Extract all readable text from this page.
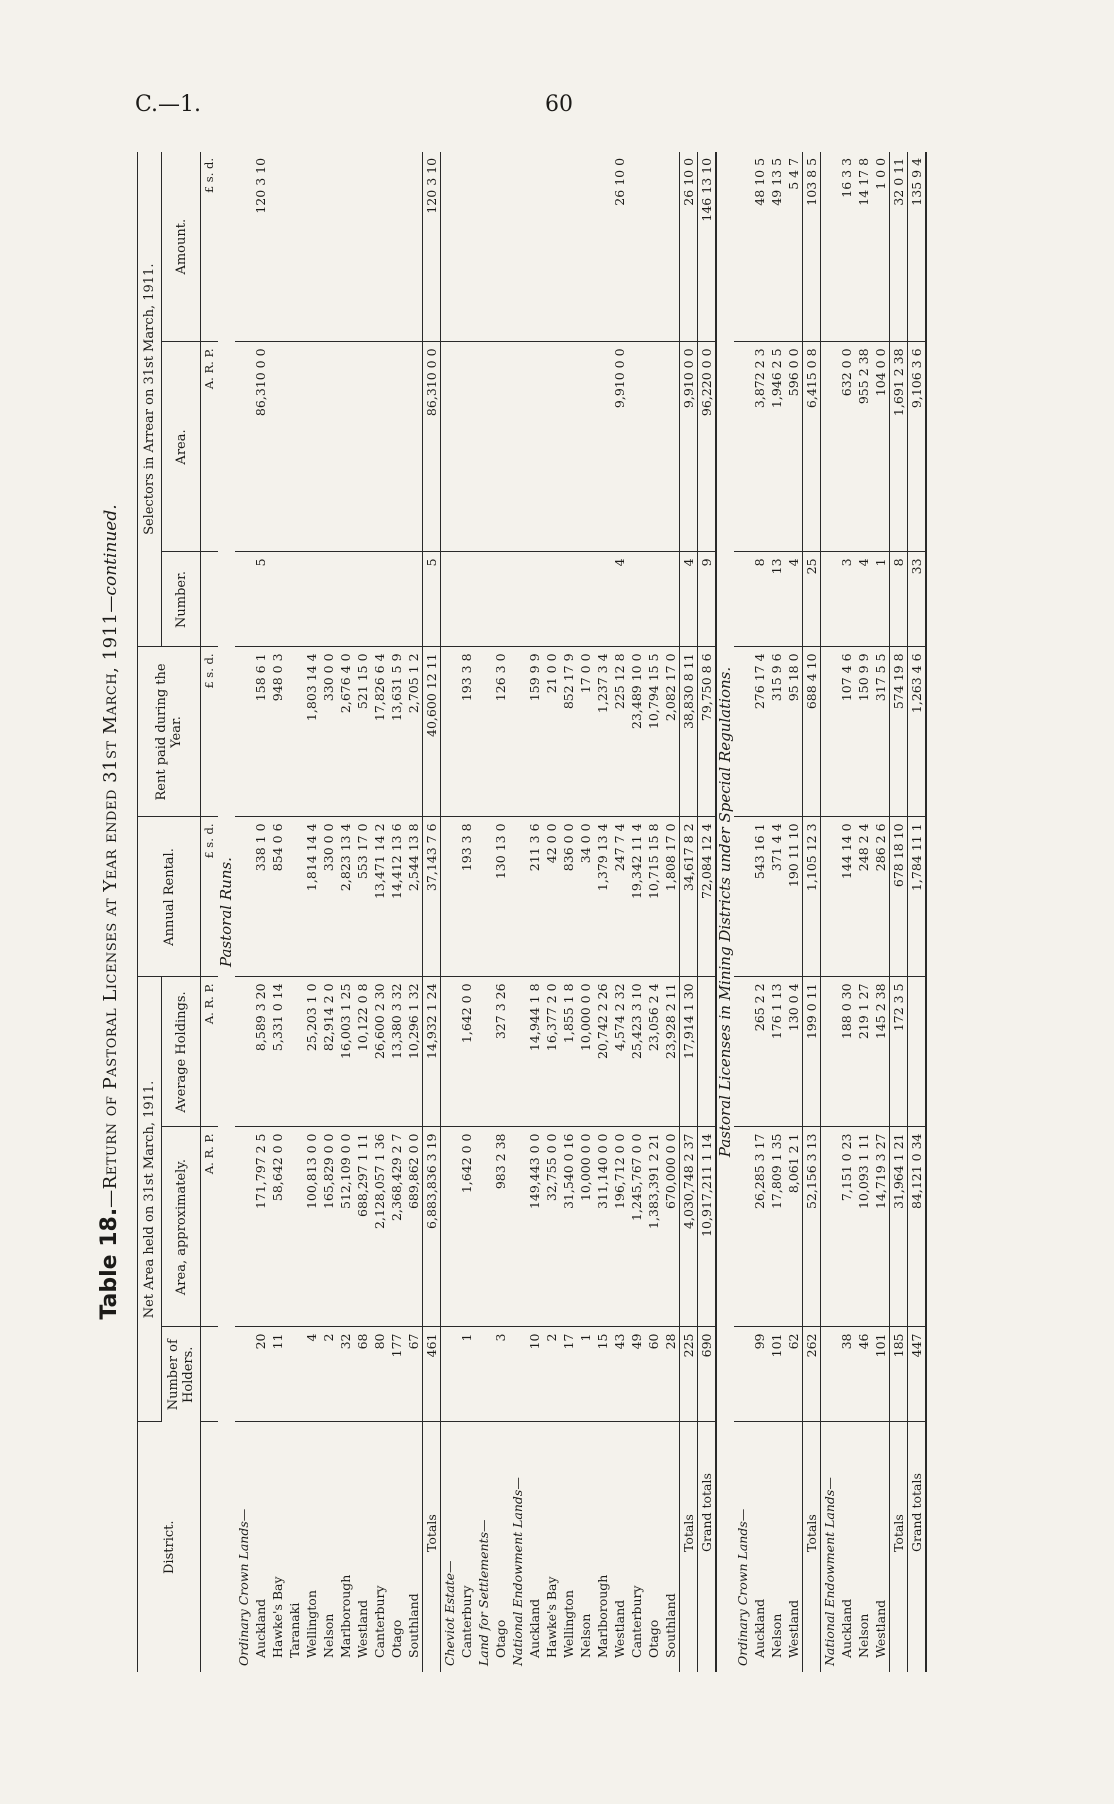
C.—1.	60
Table 18.—Return of Pastoral Licenses at Year ended 31st March, 1911—continued.
District.	Net Area held on 31st March, 1911.			Annual Rental.	Rent paid during the Year.	Selectors in Arrear on 31st March, 1911.		
	Number of Holders.	Area, approximately.	Average Holdings.			Number.	Area.	Amount.
		A. R. P.	A. R. P.	£ s. d.	£ s. d.		A. R. P.	£ s. d.
Pastoral Runs.								
Ordinary Crown Lands—								
Auckland	20	171,797 2 5	8,589 3 20	338 1 0	158 6 1	5	86,310 0 0	120 3 10
Hawke's Bay	11	58,642 0 0	5,331 0 14	854 0 6	948 0 3			
Taranaki								
Wellington	4	100,813 0 0	25,203 1 0	1,814 14 4	1,803 14 4			
Nelson	2	165,829 0 0	82,914 2 0	330 0 0	330 0 0			
Marlborough	32	512,109 0 0	16,003 1 25	2,823 13 4	2,676 4 0			
Westland	68	688,297 1 11	10,122 0 8	553 17 0	521 15 0			
Canterbury	80	2,128,057 1 36	26,600 2 30	13,471 14 2	17,826 6 4			
Otago	177	2,368,429 2 7	13,380 3 32	14,412 13 6	13,631 5 9			
Southland	67	689,862 0 0	10,296 1 32	2,544 13 8	2,705 1 2			
Totals	461	6,883,836 3 19	14,932 1 24	37,143 7 6	40,600 12 11	5	86,310 0 0	120 3 10
Cheviot Estate—								
Canterbury	1	1,642 0 0	1,642 0 0	193 3 8	193 3 8			
Land for Settlements—								
Otago	3	983 2 38	327 3 26	130 13 0	126 3 0			
National Endowment Lands—								
Auckland	10	149,443 0 0	14,944 1 8	211 3 6	159 9 9			
Hawke's Bay	2	32,755 0 0	16,377 2 0	42 0 0	21 0 0			
Wellington	17	31,540 0 16	1,855 1 8	836 0 0	852 17 9			
Nelson	1	10,000 0 0	10,000 0 0	34 0 0	17 0 0			
Marlborough	15	311,140 0 0	20,742 2 26	1,379 13 4	1,237 3 4			
Westland	43	196,712 0 0	4,574 2 32	247 7 4	225 12 8	4	9,910 0 0	26 10 0
Canterbury	49	1,245,767 0 0	25,423 3 10	19,342 11 4	23,489 10 0			
Otago	60	1,383,391 2 21	23,056 2 4	10,715 15 8	10,794 15 5			
Southland	28	670,000 0 0	23,928 2 11	1,808 17 0	2,082 17 0			
Totals	225	4,030,748 2 37	17,914 1 30	34,617 8 2	38,830 8 11	4	9,910 0 0	26 10 0
Grand totals	690	10,917,211 1 14		72,084 12 4	79,750 8 6	9	96,220 0 0	146 13 10
Pastoral Licenses in Mining Districts under Special Regulations.								
Ordinary Crown Lands—								
Auckland	99	26,285 3 17	265 2 2	543 16 1	276 17 4	8	3,872 2 3	48 10 5
Nelson	101	17,809 1 35	176 1 13	371 4 4	315 9 6	13	1,946 2 5	49 13 5
Westland	62	8,061 2 1	130 0 4	190 11 10	95 18 0	4	596 0 0	5 4 7
Totals	262	52,156 3 13	199 0 11	1,105 12 3	688 4 10	25	6,415 0 8	103 8 5
National Endowment Lands—								
Auckland	38	7,151 0 23	188 0 30	144 14 0	107 4 6	3	632 0 0	16 3 3
Nelson	46	10,093 1 11	219 1 27	248 2 4	150 9 9	4	955 2 38	14 17 8
Westland	101	14,719 3 27	145 2 38	286 2 6	317 5 5	1	104 0 0	1 0 0
Totals	185	31,964 1 21	172 3 5	678 18 10	574 19 8	8	1,691 2 38	32 0 11
Grand totals	447	84,121 0 34		1,784 11 1	1,263 4 6	33	9,106 3 6	135 9 4
